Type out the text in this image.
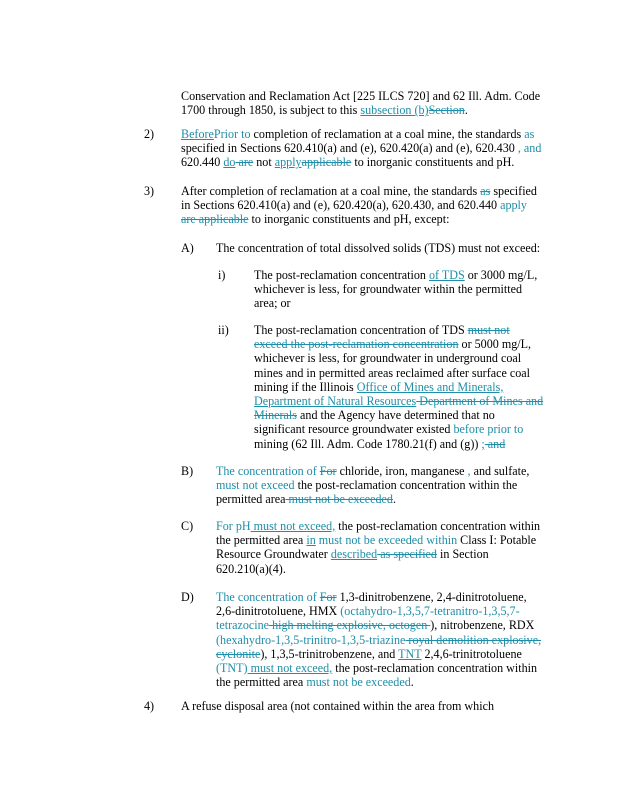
Conservation and Reclamation Act [225 ILCS 720] and 62 Ill. Adm. Code
1700 through 1850, is subject to this subsection (b)Section.
2) BeforePrior to completion of reclamation at a coal mine, the standards as
specified in Sections 620.410(a) and (e), 620.420(a) and (e), 620.430 , and
620.440 do are not applyapplicable to inorganic constituents and pH.
3) After completion of reclamation at a coal mine, the standards as specified
in Sections 620.410(a) and (e), 620.420(a), 620.430, and 620.440 apply
are applicable to inorganic constituents and pH, except:
A) The concentration of total dissolved solids (TDS) must not exceed:
i) The post-reclamation concentration of TDS or 3000 mg/L,
whichever is less, for groundwater within the permitted
area; or
ii) The post-reclamation concentration of TDS must not
exceed the post-reclamation concentration or 5000 mg/L,
whichever is less, for groundwater in underground coal
mines and in permitted areas reclaimed after surface coal
mining if the Illinois Office of Mines and Minerals,
Department of Natural Resources Department of Mines and
Minerals and the Agency have determined that no
significant resource groundwater existed before prior to
mining (62 Ill. Adm. Code 1780.21(f) and (g)) ; and
B) The concentration of For chloride, iron, manganese , and sulfate,
must not exceed the post-reclamation concentration within the
permitted area must not be exceeded.
C) For pH must not exceed, the post-reclamation concentration within
the permitted area in must not be exceeded within Class I: Potable
Resource Groundwater described as specified in Section
620.210(a)(4).
D) The concentration of For 1,3-dinitrobenzene, 2,4-dinitrotoluene,
2,6-dinitrotoluene, HMX (octahydro-1,3,5,7-tetranitro-1,3,5,7-
tetrazocine high melting explosive, octogen ), nitrobenzene, RDX
(hexahydro-1,3,5-trinitro-1,3,5-triazine royal demolition explosive,
cyclonite), 1,3,5-trinitrobenzene, and TNT 2,4,6-trinitrotoluene
(TNT) must not exceed, the post-reclamation concentration within
the permitted area must not be exceeded.
4) A refuse disposal area (not contained within the area from which
